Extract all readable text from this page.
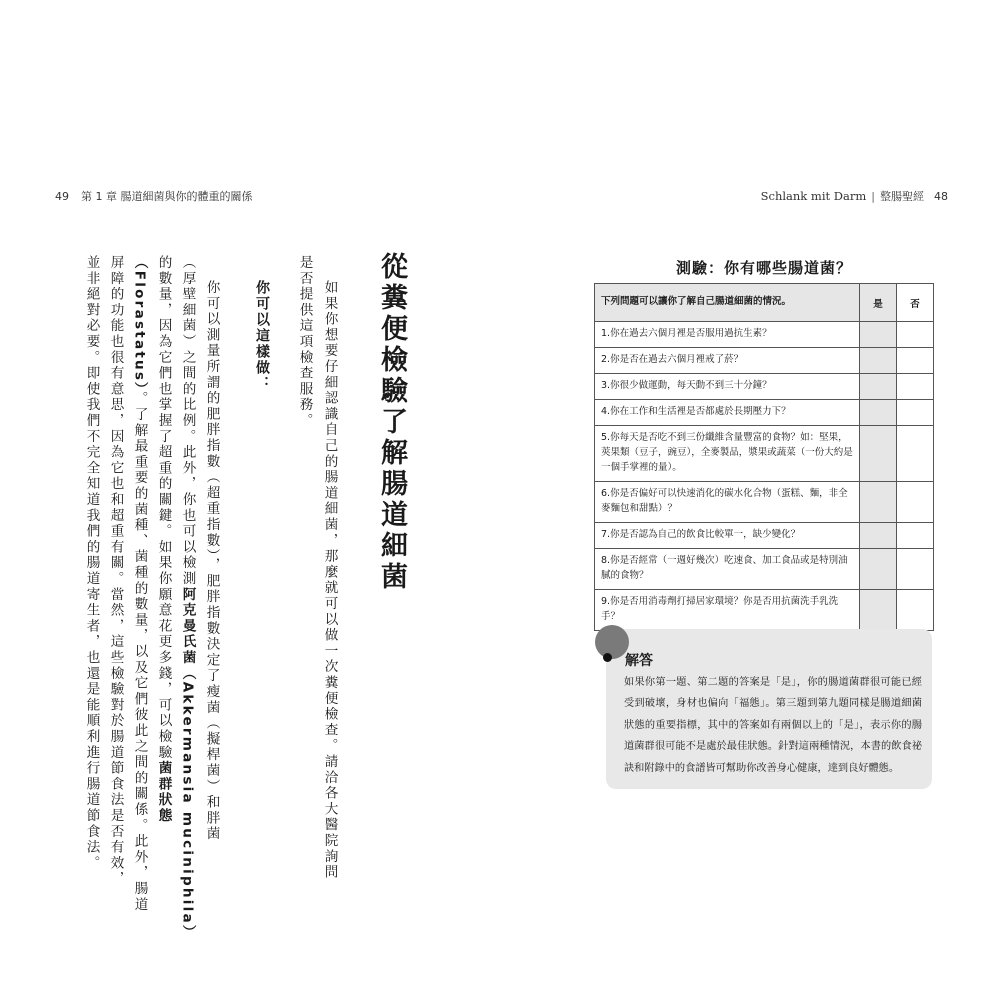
49 第 1 章 腸道細菌與你的體重的關係	Schlank mit Darm | 整腸聖經 48
從糞便檢驗了解腸道細菌
如果你想要仔細認識自己的腸道細菌，那麼就可以做一次糞便檢查。請洽各大醫院詢問
是否提供這項檢查服務。
你可以這樣做：
你可以測量所謂的肥胖指數（超重指數），肥胖指數決定了瘦菌（擬桿菌）和胖菌
（厚壁細菌）之間的比例。此外，你也可以檢測阿克曼氏菌（Akkermansia muciniphila）
的數量，因為它們也掌握了超重的關鍵。如果你願意花更多錢，可以檢驗菌群狀態
（Florastatus）。了解最重要的菌種、菌種的數量，以及它們彼此之間的關係。此外，腸道
屏障的功能也很有意思，因為它也和超重有關。當然，這些檢驗對於腸道節食法是否有效，
並非絕對必要。即使我們不完全知道我們的腸道寄生者，也還是能順利進行腸道節食法。	測驗：你有哪些腸道菌？
下列問題可以讓你了解自己腸道細菌的情況。	是	否
1.你在過去六個月裡是否服用過抗生素？		
2.你是否在過去六個月裡戒了菸？		
3.你很少做運動，每天動不到三十分鐘？		
4.你在工作和生活裡是否都處於長期壓力下？		
5.你每天是否吃不到三份纖維含量豐富的食物？如：堅果，莢果類（豆子，豌豆），全麥製品，漿果或蔬菜（一份大約是一個手掌裡的量）。		
6.你是否偏好可以快速消化的碳水化合物（蛋糕、麵，非全麥麵包和甜點）？		
7.你是否認為自己的飲食比較單一，缺少變化？		
8.你是否經常（一週好幾次）吃速食、加工食品或是特別油膩的食物？		
9.你是否用消毒劑打掃居家環境？你是否用抗菌洗手乳洗手？		
解答
如果你第一題、第二題的答案是「是」，你的腸道菌群很可能已經受到破壞，身材也偏向「福態」。第三題到第九題同樣是腸道細菌狀態的重要指標，其中的答案如有兩個以上的「是」，表示你的腸道菌群很可能不是處於最佳狀態。針對這兩種情況，本書的飲食祕訣和附錄中的食譜皆可幫助你改善身心健康，達到良好體態。
